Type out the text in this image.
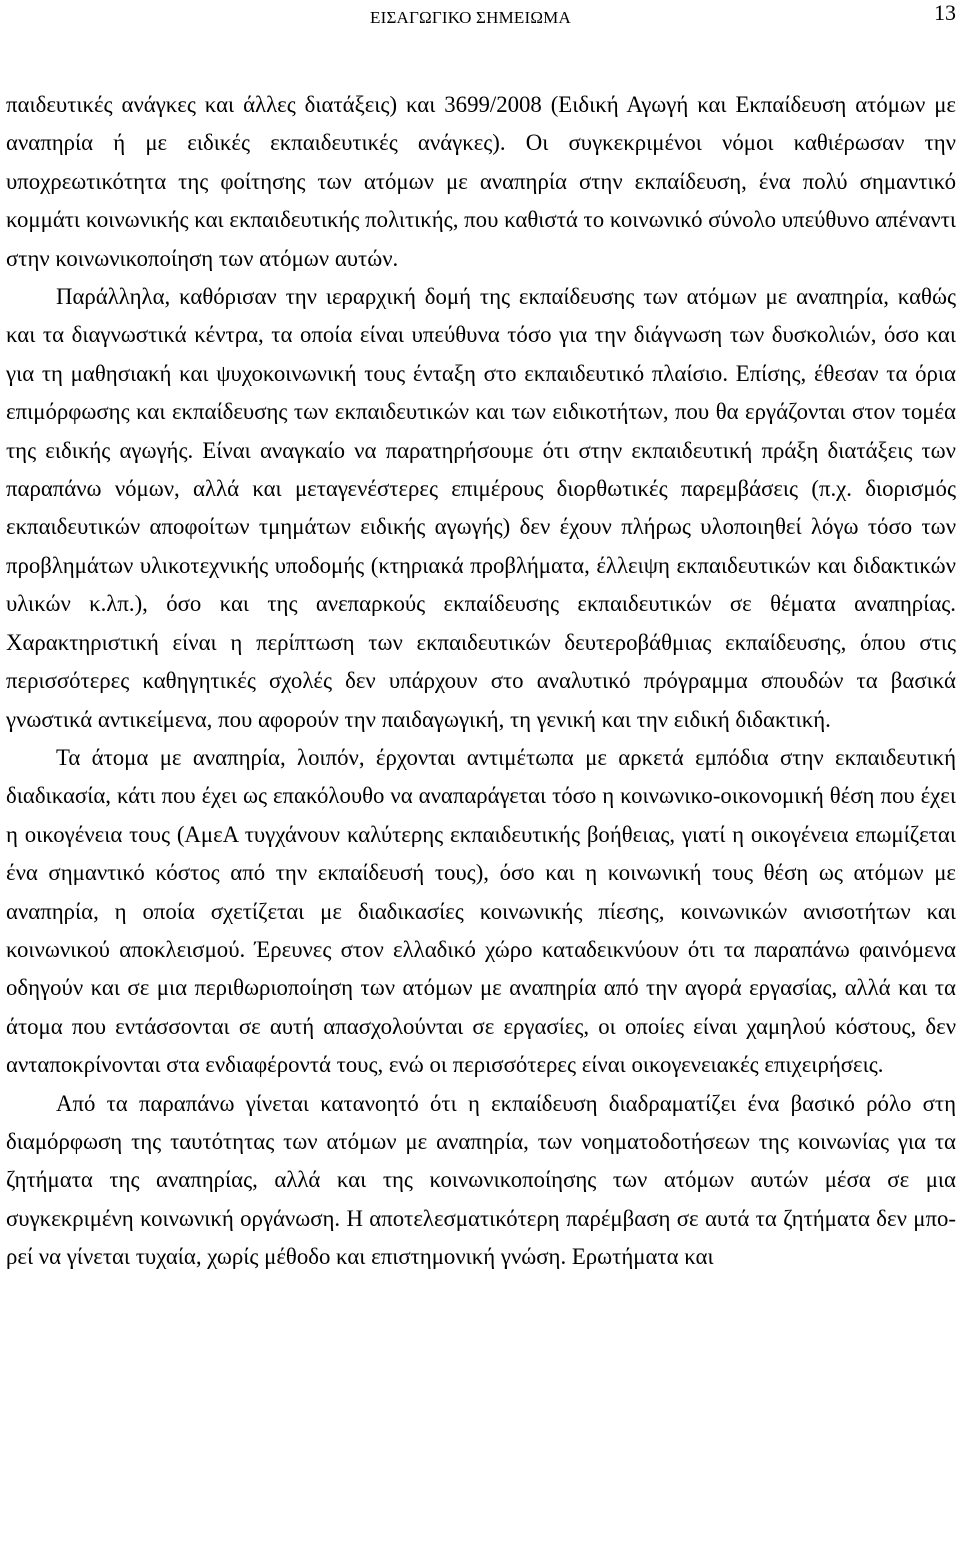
ΕΙΣΑΓΩΓΙΚΟ ΣΗΜΕΙΩΜΑ	13

παιδευτικές ανάγκες και άλλες διατάξεις) και 3699/2008 (Ειδική Αγωγή και Εκπαίδευση ατόμων με αναπηρία ή με ειδικές εκπαιδευτικές ανάγκες). Οι συγκεκριμένοι νόμοι καθιέρωσαν την υποχρεωτικότητα της φοίτησης των ατόμων με αναπηρία στην εκπαίδευση, ένα πολύ σημαντικό κομμάτι κοινωνικής και εκπαιδευτικής πολιτικής, που καθιστά το κοινωνικό σύνολο υπεύθυνο απέναντι στην κοινωνικοποίηση των ατόμων αυτών.

Παράλληλα, καθόρισαν την ιεραρχική δομή της εκπαίδευσης των ατόμων με αναπηρία, καθώς και τα διαγνωστικά κέντρα, τα οποία είναι υπεύθυνα τόσο για την διάγνωση των δυσκολιών, όσο και για τη μαθησιακή και ψυχοκοινωνική τους ένταξη στο εκπαιδευτικό πλαίσιο. Επίσης, έθεσαν τα όρια επιμόρφωσης και εκπαίδευσης των εκπαιδευτικών και των ειδικοτήτων, που θα εργάζονται στον τομέα της ειδικής αγωγής. Είναι αναγκαίο να παρατηρήσουμε ότι στην εκπαιδευτική πράξη διατάξεις των παραπάνω νόμων, αλλά και μεταγενέστερες επιμέρους διορθωτικές παρεμβάσεις (π.χ. διορισμός εκπαιδευτικών αποφοίτων τμημάτων ειδικής αγωγής) δεν έχουν πλήρως υλοποιηθεί λόγω τόσο των προβλημάτων υλικοτεχνικής υποδομής (κτηριακά προβλήματα, έλλειψη εκπαιδευτικών και διδακτικών υλικών κ.λπ.), όσο και της ανεπαρκούς εκπαίδευσης εκπαιδευτικών σε θέματα αναπηρίας. Χαρακτηριστική είναι η περίπτωση των εκπαιδευτικών δευτεροβάθμιας εκπαίδευσης, όπου στις περισσότερες καθηγητικές σχολές δεν υπάρχουν στο αναλυτικό πρόγραμμα σπουδών τα βασικά γνωστικά αντικείμενα, που αφορούν την παιδαγωγική, τη γενική και την ειδική διδακτική.

Τα άτομα με αναπηρία, λοιπόν, έρχονται αντιμέτωπα με αρκετά εμπόδια στην εκπαιδευτική διαδικασία, κάτι που έχει ως επακόλουθο να αναπαράγεται τόσο η κοινωνικο-οικονομική θέση που έχει η οικογένεια τους (ΑμεΑ τυγχάνουν καλύτερης εκπαιδευτικής βοήθειας, γιατί η οικογένεια επωμίζεται ένα σημαντικό κόστος από την εκπαίδευσή τους), όσο και η κοινωνική τους θέση ως ατόμων με αναπηρία, η οποία σχετίζεται με διαδικασίες κοινωνικής πίεσης, κοινωνικών ανισοτήτων και κοινωνικού αποκλεισμού. Έρευνες στον ελλαδικό χώρο καταδεικνύουν ότι τα παραπάνω φαινόμενα οδηγούν και σε μια περιθωριοποίηση των ατόμων με αναπηρία από την αγορά εργασίας, αλλά και τα άτομα που εντάσσονται σε αυτή απασχολούνται σε εργασίες, οι οποίες είναι χαμηλού κόστους, δεν ανταποκρίνονται στα ενδιαφέροντά τους, ενώ οι περισσότερες είναι οικογενειακές επιχειρήσεις.

Από τα παραπάνω γίνεται κατανοητό ότι η εκπαίδευση διαδραματίζει ένα βασικό ρόλο στη διαμόρφωση της ταυτότητας των ατόμων με αναπηρία, των νοηματοδοτήσεων της κοινωνίας για τα ζητήματα της αναπηρίας, αλλά και της κοινωνικοποίησης των ατόμων αυτών μέσα σε μια συγκεκριμένη κοινωνική οργάνωση. Η αποτελεσματικότερη παρέμβαση σε αυτά τα ζητήματα δεν μπορεί να γίνεται τυχαία, χωρίς μέθοδο και επιστημονική γνώση. Ερωτήματα και
